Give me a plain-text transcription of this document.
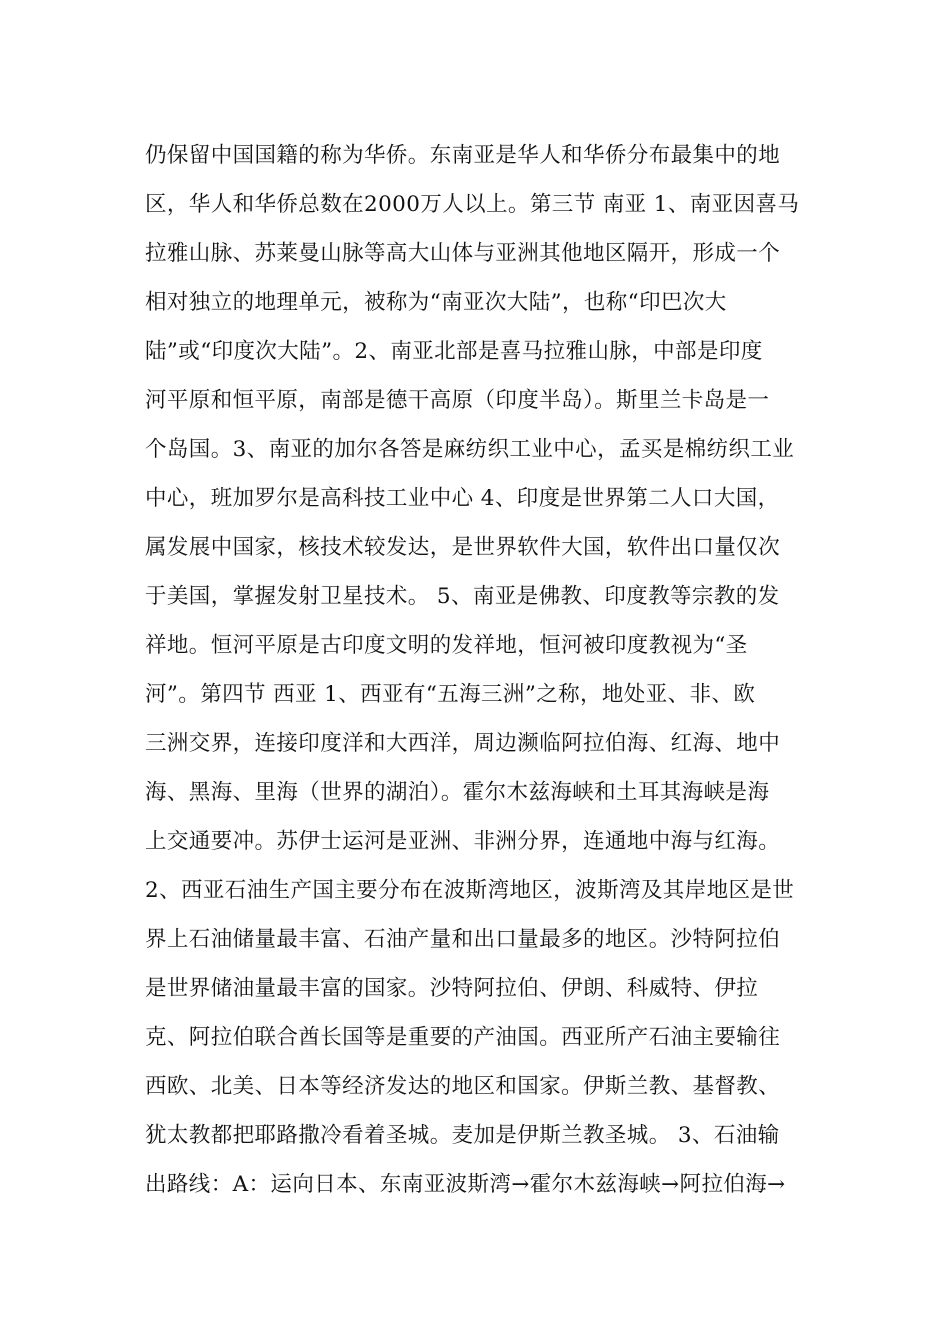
仍保留中国国籍的称为华侨。东南亚是华人和华侨分布最集中的地
区，华人和华侨总数在2000万人以上。第三节 南亚 1、南亚因喜马
拉雅山脉、苏莱曼山脉等高大山体与亚洲其他地区隔开，形成一个
相对独立的地理单元，被称为“南亚次大陆”，也称“印巴次大
陆”或“印度次大陆”。2、南亚北部是喜马拉雅山脉，中部是印度
河平原和恒平原，南部是德干高原（印度半岛）。斯里兰卡岛是一
个岛国。3、南亚的加尔各答是麻纺织工业中心，孟买是棉纺织工业
中心，班加罗尔是高科技工业中心 4、印度是世界第二人口大国，
属发展中国家，核技术较发达，是世界软件大国，软件出口量仅次
于美国，掌握发射卫星技术。 5、南亚是佛教、印度教等宗教的发
祥地。恒河平原是古印度文明的发祥地，恒河被印度教视为“圣
河”。第四节 西亚 1、西亚有“五海三洲”之称，地处亚、非、欧
三洲交界，连接印度洋和大西洋，周边濒临阿拉伯海、红海、地中
海、黑海、里海（世界的湖泊）。霍尔木兹海峡和土耳其海峡是海
上交通要冲。苏伊士运河是亚洲、非洲分界，连通地中海与红海。
2、西亚石油生产国主要分布在波斯湾地区，波斯湾及其岸地区是世
界上石油储量最丰富、石油产量和出口量最多的地区。沙特阿拉伯
是世界储油量最丰富的国家。沙特阿拉伯、伊朗、科威特、伊拉
克、阿拉伯联合酋长国等是重要的产油国。西亚所产石油主要输往
西欧、北美、日本等经济发达的地区和国家。伊斯兰教、基督教、
犹太教都把耶路撒冷看着圣城。麦加是伊斯兰教圣城。 3、石油输
出路线：A：运向日本、东南亚波斯湾→霍尔木兹海峡→阿拉伯海→
